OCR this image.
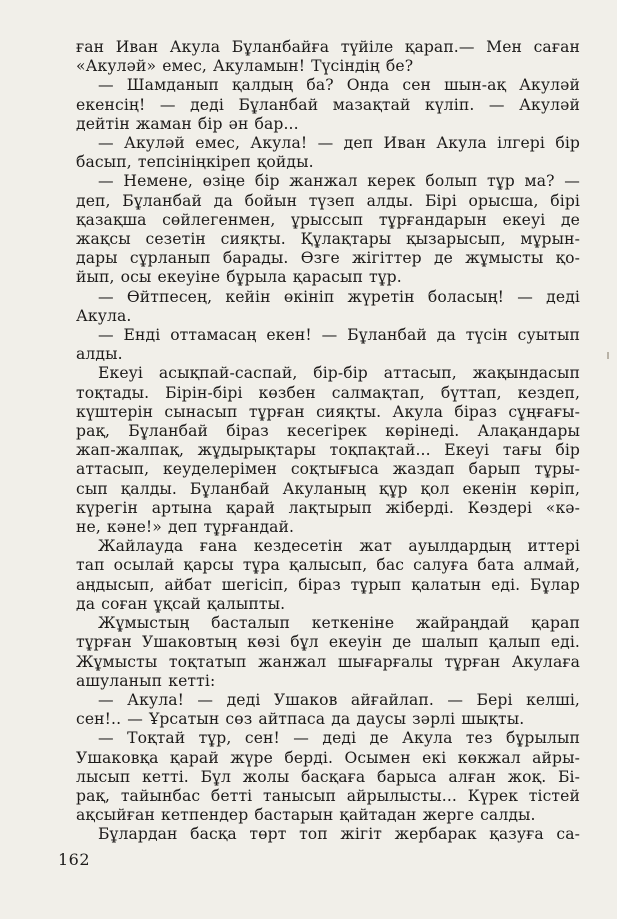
ған Иван Акула Бұланбайға түйіле қарап.— Мен саған
«Акуләй» емес, Акуламын! Түсіндің бе?
— Шамданып қалдың ба? Онда сен шын-ақ Акуләй
екенсің! — деді Бұланбай мазақтай күліп. — Акуләй
дейтін жаман бір ән бар...
— Акуләй емес, Акула! — деп Иван Акула ілгері бір
басып, тепсініңкіреп қойды.
— Немене, өзіңе бір жанжал керек болып тұр ма? —
деп, Бұланбай да бойын түзеп алды. Бірі орысша, бірі
қазақша сөйлегенмен, ұрыссып тұрғандарын екеуі де
жақсы сезетін сияқты. Құлақтары қызарысып, мұрын-
дары сұрланып барады. Өзге жігіттер де жұмысты қо-
йып, осы екеуіне бұрыла қарасып тұр.
— Өйтпесең, кейін өкініп жүретін боласың! — деді
Акула.
— Енді оттамасаң екен! — Бұланбай да түсін суытып
алды.
Екеуі асықпай-саспай, бір-бір аттасып, жақындасып
тоқтады. Бірін-бірі көзбен салмақтап, бүттап, кездеп,
күштерін сынасып тұрған сияқты. Акула біраз сұңғағы-
рақ, Бұланбай біраз кесегірек көрінеді. Алақандары
жап-жалпақ, жұдырықтары тоқпақтай... Екеуі тағы бір
аттасып, кеуделерімен соқтығыса жаздап барып тұры-
сып қалды. Бұланбай Акуланың құр қол екенін көріп,
күрегін артына қарай лақтырып жіберді. Көздері «кә-
не, кәне!» деп тұрғандай.
Жайлауда ғана кездесетін жат ауылдардың иттері
тап осылай қарсы тұра қалысып, бас салуға бата алмай,
аңдысып, айбат шегісіп, біраз тұрып қалатын еді. Бұлар
да соған ұқсай қалыпты.
Жұмыстың басталып кеткеніне жайраңдай қарап
тұрған Ушаковтың көзі бұл екеуін де шалып қалып еді.
Жұмысты тоқтатып жанжал шығарғалы тұрған Акулаға
ашуланып кетті:
— Акула! — деді Ушаков айғайлап. — Бері келші,
сен!.. — Ұрсатын сөз айтпаса да даусы зәрлі шықты.
— Тоқтай тұр, сен! — деді де Акула тез бұрылып
Ушаковқа қарай жүре берді. Осымен екі көкжал айры-
лысып кетті. Бұл жолы басқаға барыса алған жоқ. Бі-
рақ, тайынбас бетті танысып айрылысты... Күрек тістей
ақсыйған кетпендер бастарын қайтадан жерге салды.
Бұлардан басқа төрт топ жігіт жербарак қазуға са-
162
